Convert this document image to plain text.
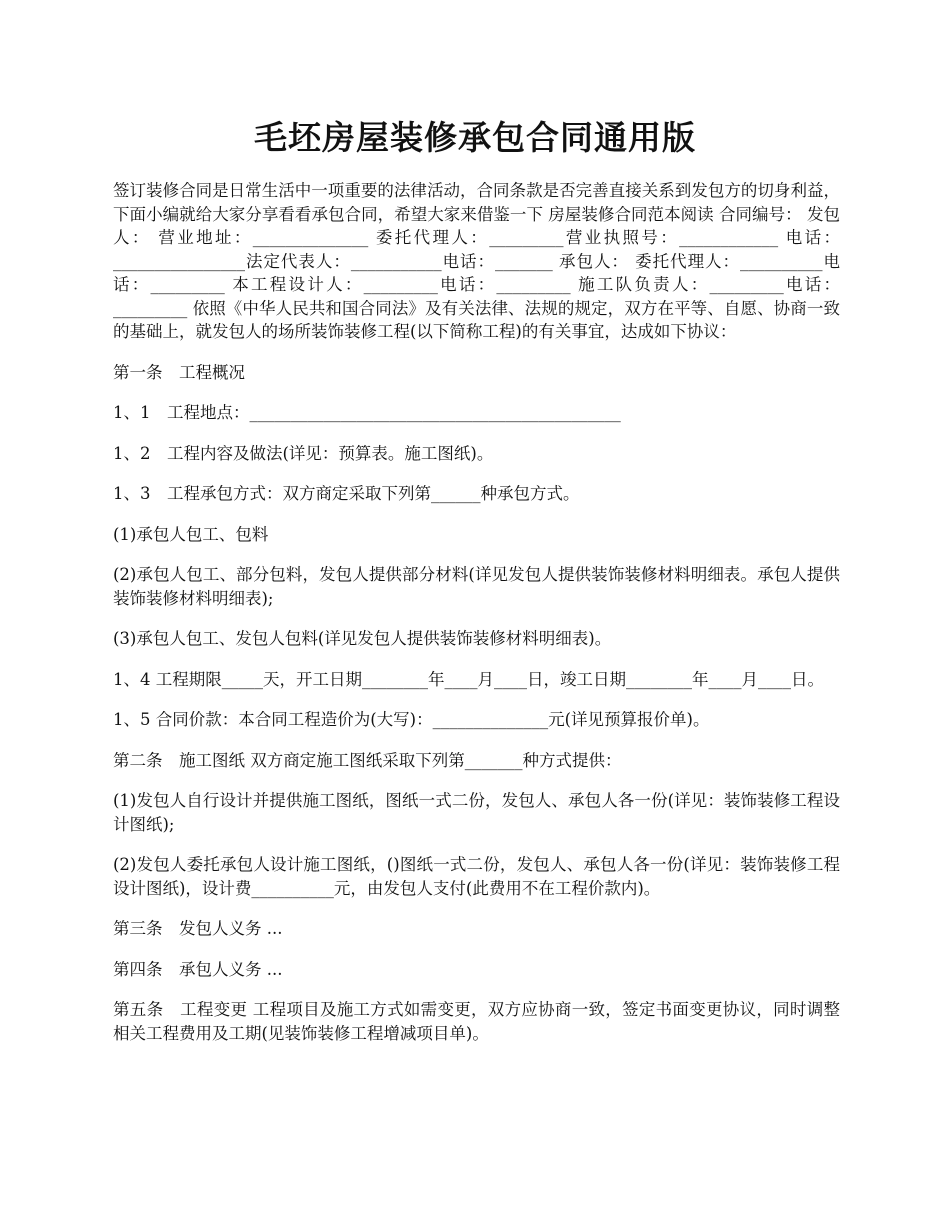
毛坯房屋装修承包合同通用版

签订装修合同是日常生活中一项重要的法律活动，合同条款是否完善直接关系到发包方的切身利益，下面小编就给大家分享看看承包合同，希望大家来借鉴一下 房屋装修合同范本阅读 合同编号： 发包人： 营业地址：______________ 委托代理人：_________营业执照号：____________ 电话：________________法定代表人：___________电话：_______ 承包人： 委托代理人：__________电话：_________ 本工程设计人：_________电话：_________ 施工队负责人：_________电话：_________ 依照《中华人民共和国合同法》及有关法律、法规的规定，双方在平等、自愿、协商一致的基础上，就发包人的场所装饰装修工程(以下简称工程)的有关事宜，达成如下协议：

第一条　工程概况

1、1　工程地点：_____________________________________________

1、2　工程内容及做法(详见：预算表。施工图纸)。

1、3　工程承包方式：双方商定采取下列第______种承包方式。

(1)承包人包工、包料

(2)承包人包工、部分包料，发包人提供部分材料(详见发包人提供装饰装修材料明细表。承包人提供装饰装修材料明细表);

(3)承包人包工、发包人包料(详见发包人提供装饰装修材料明细表)。

1、4 工程期限_____天，开工日期________年____月____日，竣工日期________年____月____日。

1、5 合同价款：本合同工程造价为(大写)：______________元(详见预算报价单)。

第二条　施工图纸 双方商定施工图纸采取下列第_______种方式提供：

(1)发包人自行设计并提供施工图纸，图纸一式二份，发包人、承包人各一份(详见：装饰装修工程设计图纸);

(2)发包人委托承包人设计施工图纸，()图纸一式二份，发包人、承包人各一份(详见：装饰装修工程设计图纸)，设计费__________元，由发包人支付(此费用不在工程价款内)。

第三条　发包人义务 ...

第四条　承包人义务 ...

第五条　工程变更 工程项目及施工方式如需变更，双方应协商一致，签定书面变更协议，同时调整相关工程费用及工期(见装饰装修工程增减项目单)。
